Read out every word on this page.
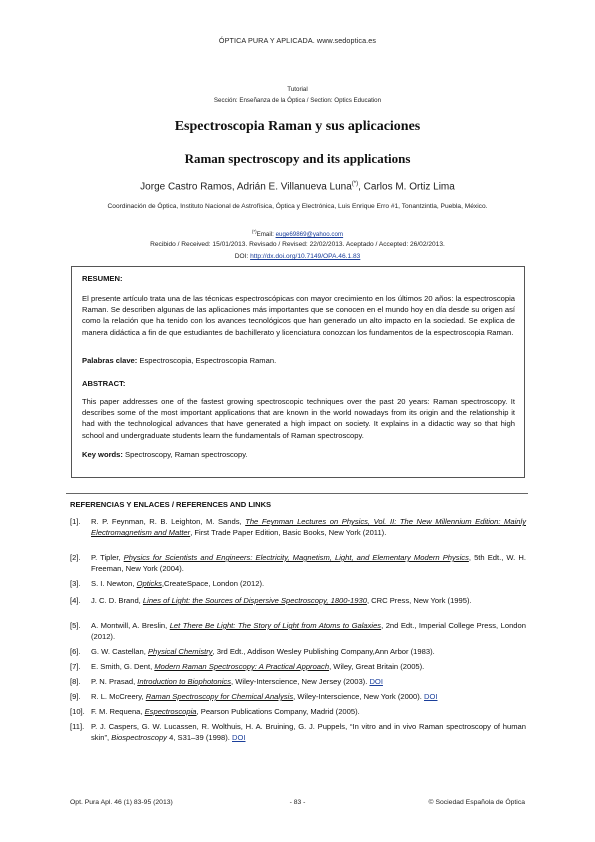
ÓPTICA PURA Y APLICADA. www.sedoptica.es
Tutorial
Sección: Enseñanza de la Óptica / Section: Optics Education
Espectroscopia Raman y sus aplicaciones
Raman spectroscopy and its applications
Jorge Castro Ramos, Adrián E. Villanueva Luna(*), Carlos M. Ortiz Lima
Coordinación de Óptica, Instituto Nacional de Astrofísica, Óptica y Electrónica, Luis Enrique Erro #1, Tonantzintla, Puebla, México.
(*)Email: euge69869@yahoo.com
Recibido / Received: 15/01/2013. Revisado / Revised: 22/02/2013. Aceptado / Accepted: 26/02/2013.
DOI: http://dx.doi.org/10.7149/OPA.46.1.83
RESUMEN:
El presente artículo trata una de las técnicas espectroscópicas con mayor crecimiento en los últimos 20 años: la espectroscopia Raman. Se describen algunas de las aplicaciones más importantes que se conocen en el mundo hoy en día desde su origen así como la relación que ha tenido con los avances tecnológicos que han generado un alto impacto en la sociedad. Se explica de manera didáctica a fin de que estudiantes de bachillerato y licenciatura conozcan los fundamentos de la espectroscopia Raman.
Palabras clave: Espectroscopia, Espectroscopia Raman.
ABSTRACT:
This paper addresses one of the fastest growing spectroscopic techniques over the past 20 years: Raman spectroscopy. It describes some of the most important applications that are known in the world nowadays from its origin and the relationship it had with the technological advances that have generated a high impact on society. It explains in a didactic way so that high school and undergraduate students learn the fundamentals of Raman spectroscopy.
Key words: Spectroscopy, Raman spectroscopy.
REFERENCIAS Y ENLACES / REFERENCES AND LINKS
[1]. R. P. Feynman, R. B. Leighton, M. Sands, The Feynman Lectures on Physics, Vol. II: The New Millennium Edition: Mainly Electromagnetism and Matter, First Trade Paper Edition, Basic Books, New York (2011).
[2]. P. Tipler, Physics for Scientists and Engineers: Electricity, Magnetism, Light, and Elementary Modern Physics, 5th Edt., W. H. Freeman, New York (2004).
[3]. S. I. Newton, Opticks,CreateSpace, London (2012).
[4]. J. C. D. Brand, Lines of Light: the Sources of Dispersive Spectroscopy, 1800-1930, CRC Press, New York (1995).
[5]. A. Montwill, A. Breslin, Let There Be Light: The Story of Light from Atoms to Galaxies, 2nd Edt., Imperial College Press, London (2012).
[6]. G. W. Castellan, Physical Chemistry, 3rd Edt., Addison Wesley Publishing Company,Ann Arbor (1983).
[7]. E. Smith, G. Dent, Modern Raman Spectroscopy: A Practical Approach, Wiley, Great Britain (2005).
[8]. P. N. Prasad, Introduction to Biophotonics, Wiley-Interscience, New Jersey (2003). DOI
[9]. R. L. McCreery, Raman Spectroscopy for Chemical Analysis, Wiley-Interscience, New York (2000). DOI
[10]. F. M. Requena, Espectroscopia, Pearson Publications Company, Madrid (2005).
[11]. P. J. Caspers, G. W. Lucassen, R. Wolthuis, H. A. Bruining, G. J. Puppels, “In vitro and in vivo Raman spectroscopy of human skin”, Biospectroscopy 4, S31–39 (1998). DOI
Opt. Pura Apl. 46 (1) 83-95 (2013)	- 83 -	© Sociedad Española de Óptica
